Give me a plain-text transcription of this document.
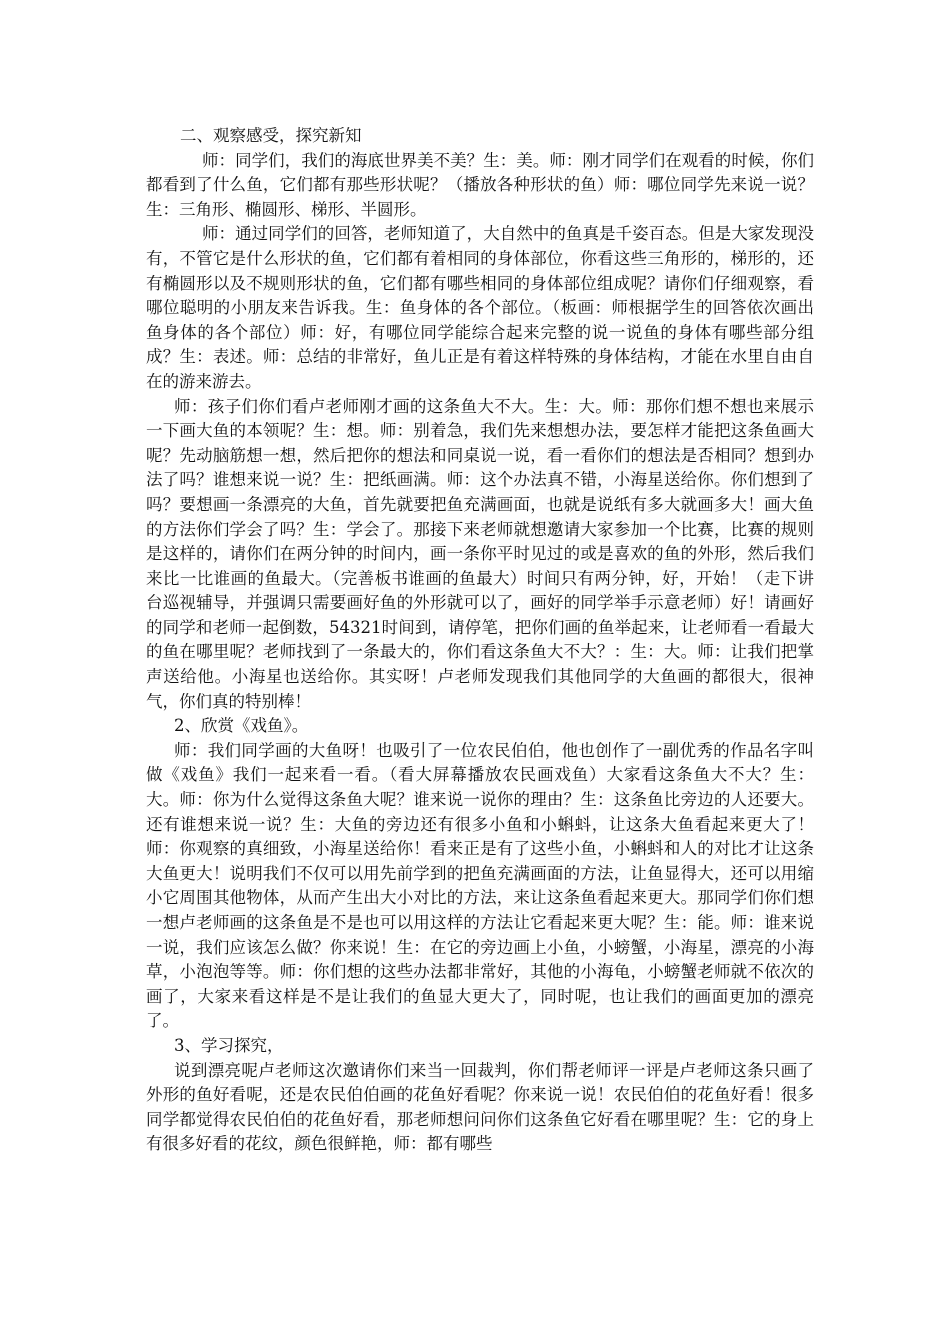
二、观察感受，探究新知

师：同学们，我们的海底世界美不美？生：美。师：刚才同学们在观看的时候，你们都看到了什么鱼，它们都有那些形状呢？（播放各种形状的鱼）师：哪位同学先来说一说？生：三角形、椭圆形、梯形、半圆形。

师：通过同学们的回答，老师知道了，大自然中的鱼真是千姿百态。但是大家发现没有，不管它是什么形状的鱼，它们都有着相同的身体部位，你看这些三角形的，梯形的，还有椭圆形以及不规则形状的鱼，它们都有哪些相同的身体部位组成呢？请你们仔细观察，看哪位聪明的小朋友来告诉我。生：鱼身体的各个部位。（板画：师根据学生的回答依次画出鱼身体的各个部位）师：好，有哪位同学能综合起来完整的说一说鱼的身体有哪些部分组成？生：表述。师：总结的非常好，鱼儿正是有着这样特殊的身体结构，才能在水里自由自在的游来游去。

师：孩子们你们看卢老师刚才画的这条鱼大不大。生：大。师：那你们想不想也来展示一下画大鱼的本领呢？生：想。师：别着急，我们先来想想办法，要怎样才能把这条鱼画大呢？先动脑筋想一想，然后把你的想法和同桌说一说，看一看你们的想法是否相同？想到办法了吗？谁想来说一说？生：把纸画满。师：这个办法真不错，小海星送给你。你们想到了吗？要想画一条漂亮的大鱼，首先就要把鱼充满画面，也就是说纸有多大就画多大！画大鱼的方法你们学会了吗？生：学会了。那接下来老师就想邀请大家参加一个比赛，比赛的规则是这样的，请你们在两分钟的时间内，画一条你平时见过的或是喜欢的鱼的外形，然后我们来比一比谁画的鱼最大。（完善板书谁画的鱼最大）时间只有两分钟，好，开始！（走下讲台巡视辅导，并强调只需要画好鱼的外形就可以了，画好的同学举手示意老师）好！请画好的同学和老师一起倒数，54321时间到，请停笔，把你们画的鱼举起来，让老师看一看最大的鱼在哪里呢？老师找到了一条最大的，你们看这条鱼大不大？：生：大。师：让我们把掌声送给他。小海星也送给你。其实呀！卢老师发现我们其他同学的大鱼画的都很大，很神气，你们真的特别棒！

2、欣赏《戏鱼》。

师：我们同学画的大鱼呀！也吸引了一位农民伯伯，他也创作了一副优秀的作品名字叫做《戏鱼》我们一起来看一看。（看大屏幕播放农民画戏鱼）大家看这条鱼大不大？生：大。师：你为什么觉得这条鱼大呢？谁来说一说你的理由？生：这条鱼比旁边的人还要大。还有谁想来说一说？生：大鱼的旁边还有很多小鱼和小蝌蚪，让这条大鱼看起来更大了！师：你观察的真细致，小海星送给你！看来正是有了这些小鱼，小蝌蚪和人的对比才让这条大鱼更大！说明我们不仅可以用先前学到的把鱼充满画面的方法，让鱼显得大，还可以用缩小它周围其他物体，从而产生出大小对比的方法，来让这条鱼看起来更大。那同学们你们想一想卢老师画的这条鱼是不是也可以用这样的方法让它看起来更大呢？生：能。师：谁来说一说，我们应该怎么做？你来说！生：在它的旁边画上小鱼，小螃蟹，小海星，漂亮的小海草，小泡泡等等。师：你们想的这些办法都非常好，其他的小海龟，小螃蟹老师就不依次的画了，大家来看这样是不是让我们的鱼显大更大了，同时呢，也让我们的画面更加的漂亮了。

3、学习探究，

说到漂亮呢卢老师这次邀请你们来当一回裁判，你们帮老师评一评是卢老师这条只画了外形的鱼好看呢，还是农民伯伯画的花鱼好看呢？你来说一说！农民伯伯的花鱼好看！很多同学都觉得农民伯伯的花鱼好看，那老师想问问你们这条鱼它好看在哪里呢？生：它的身上有很多好看的花纹，颜色很鲜艳，师：都有哪些
